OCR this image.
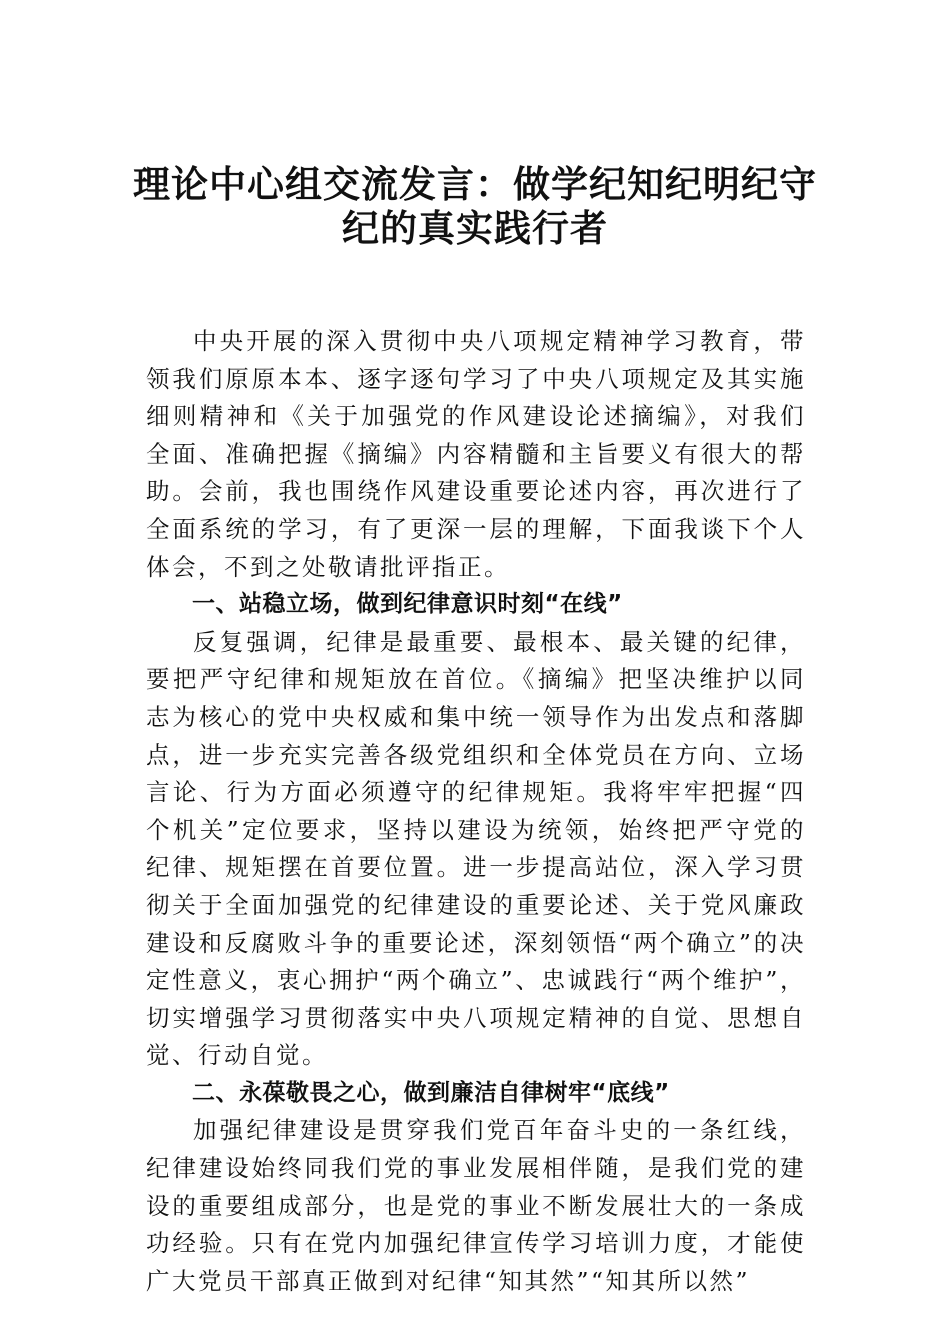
理论中心组交流发言：做学纪知纪明纪守
纪的真实践行者

中央开展的深入贯彻中央八项规定精神学习教育，带领我们原原本本、逐字逐句学习了中央八项规定及其实施细则精神和《关于加强党的作风建设论述摘编》，对我们全面、准确把握《摘编》内容精髓和主旨要义有很大的帮助。会前，我也围绕作风建设重要论述内容，再次进行了全面系统的学习，有了更深一层的理解，下面我谈下个人体会，不到之处敬请批评指正。

一、站稳立场，做到纪律意识时刻“在线”

反复强调，纪律是最重要、最根本、最关键的纪律，要把严守纪律和规矩放在首位。《摘编》把坚决维护以同志为核心的党中央权威和集中统一领导作为出发点和落脚点，进一步充实完善各级党组织和全体党员在方向、立场言论、行为方面必须遵守的纪律规矩。我将牢牢把握“四个机关”定位要求，坚持以建设为统领，始终把严守党的纪律、规矩摆在首要位置。进一步提高站位，深入学习贯彻关于全面加强党的纪律建设的重要论述、关于党风廉政建设和反腐败斗争的重要论述，深刻领悟“两个确立”的决定性意义，衷心拥护“两个确立”、忠诚践行“两个维护”，切实增强学习贯彻落实中央八项规定精神的自觉、思想自觉、行动自觉。

二、永葆敬畏之心，做到廉洁自律树牢“底线”

加强纪律建设是贯穿我们党百年奋斗史的一条红线，纪律建设始终同我们党的事业发展相伴随，是我们党的建设的重要组成部分，也是党的事业不断发展壮大的一条成功经验。只有在党内加强纪律宣传学习培训力度，才能使广大党员干部真正做到对纪律“知其然”“知其所以然”
